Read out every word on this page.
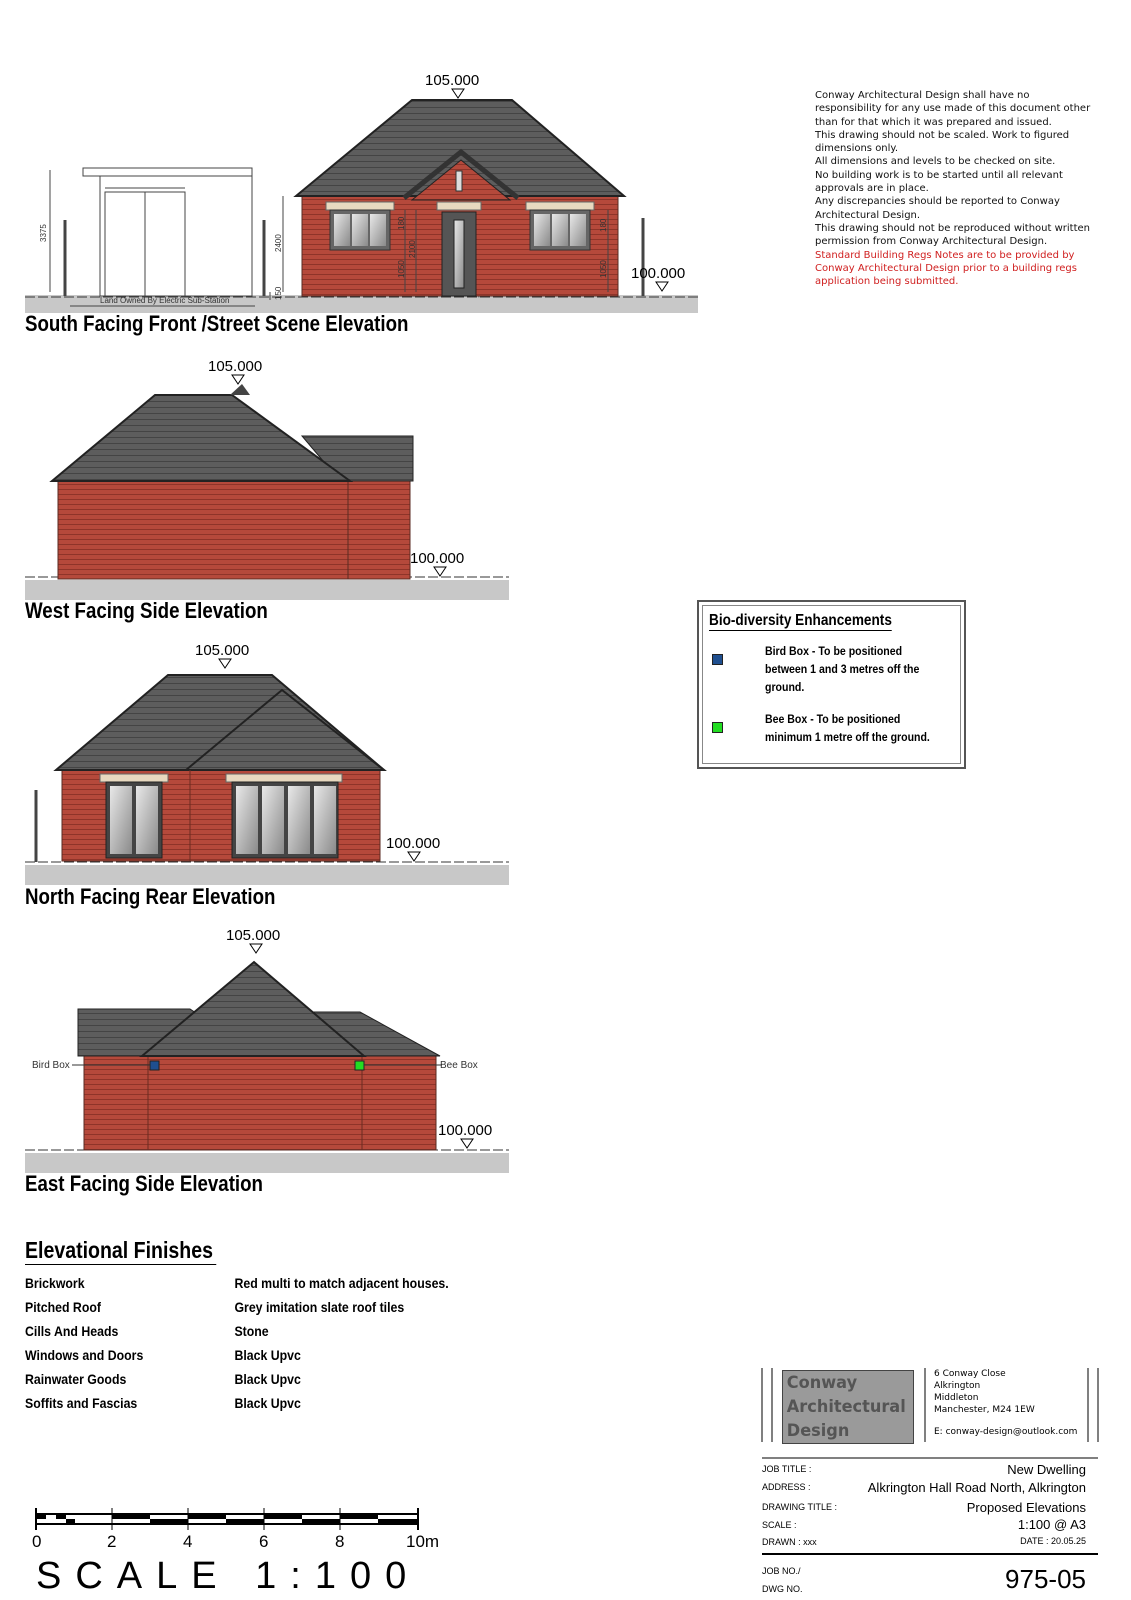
3375
2400
150
Land Owned By Electric Sub-Station
180
2100
1050
180
1050
105.000
100.000
105.000
100.000
105.000
100.000
Bird Box	Bee Box
105.000
100.000
0	2	4	6	8	10m
South Facing Front /Street Scene Elevation
West Facing Side Elevation
North Facing Rear Elevation
East Facing Side Elevation
Conway Architectural Design shall have no
responsibility for any use made of this document other
than for that which it was prepared and issued.
This drawing should not be scaled. Work to figured
dimensions only.
All dimensions and levels to be checked on site.
No building work is to be started until all relevant
approvals are in place.
Any discrepancies should be reported to Conway
Architectural Design.
This drawing should not be reproduced without written
permission from Conway Architectural Design.
Standard Building Regs Notes are to be provided by
Conway Architectural Design prior to a building regs
application being submitted.
Bio-diversity Enhancements
Bird Box - To be positioned between 1 and 3 metres off the ground.
Bee Box - To be positioned minimum 1 metre off the ground.
Elevational Finishes
Brickwork	Red multi to match adjacent houses.
Pitched Roof	Grey imitation slate roof tiles
Cills And Heads	Stone
Windows and Doors	Black Upvc
Rainwater Goods	Black Upvc
Soffits and Fascias	Black Upvc
SCALE 1:100
Conway
Architectural
Design
6 Conway Close
Alkrington
Middleton
Manchester, M24 1EW
E: conway-design@outlook.com
JOB TITLE :	New Dwelling
ADDRESS :	Alkrington Hall Road North, Alkrington
DRAWING TITLE :	Proposed Elevations
SCALE :	1:100 @ A3
DRAWN : xxx	DATE : 20.05.25
JOB NO./
DWG NO.	975-05
